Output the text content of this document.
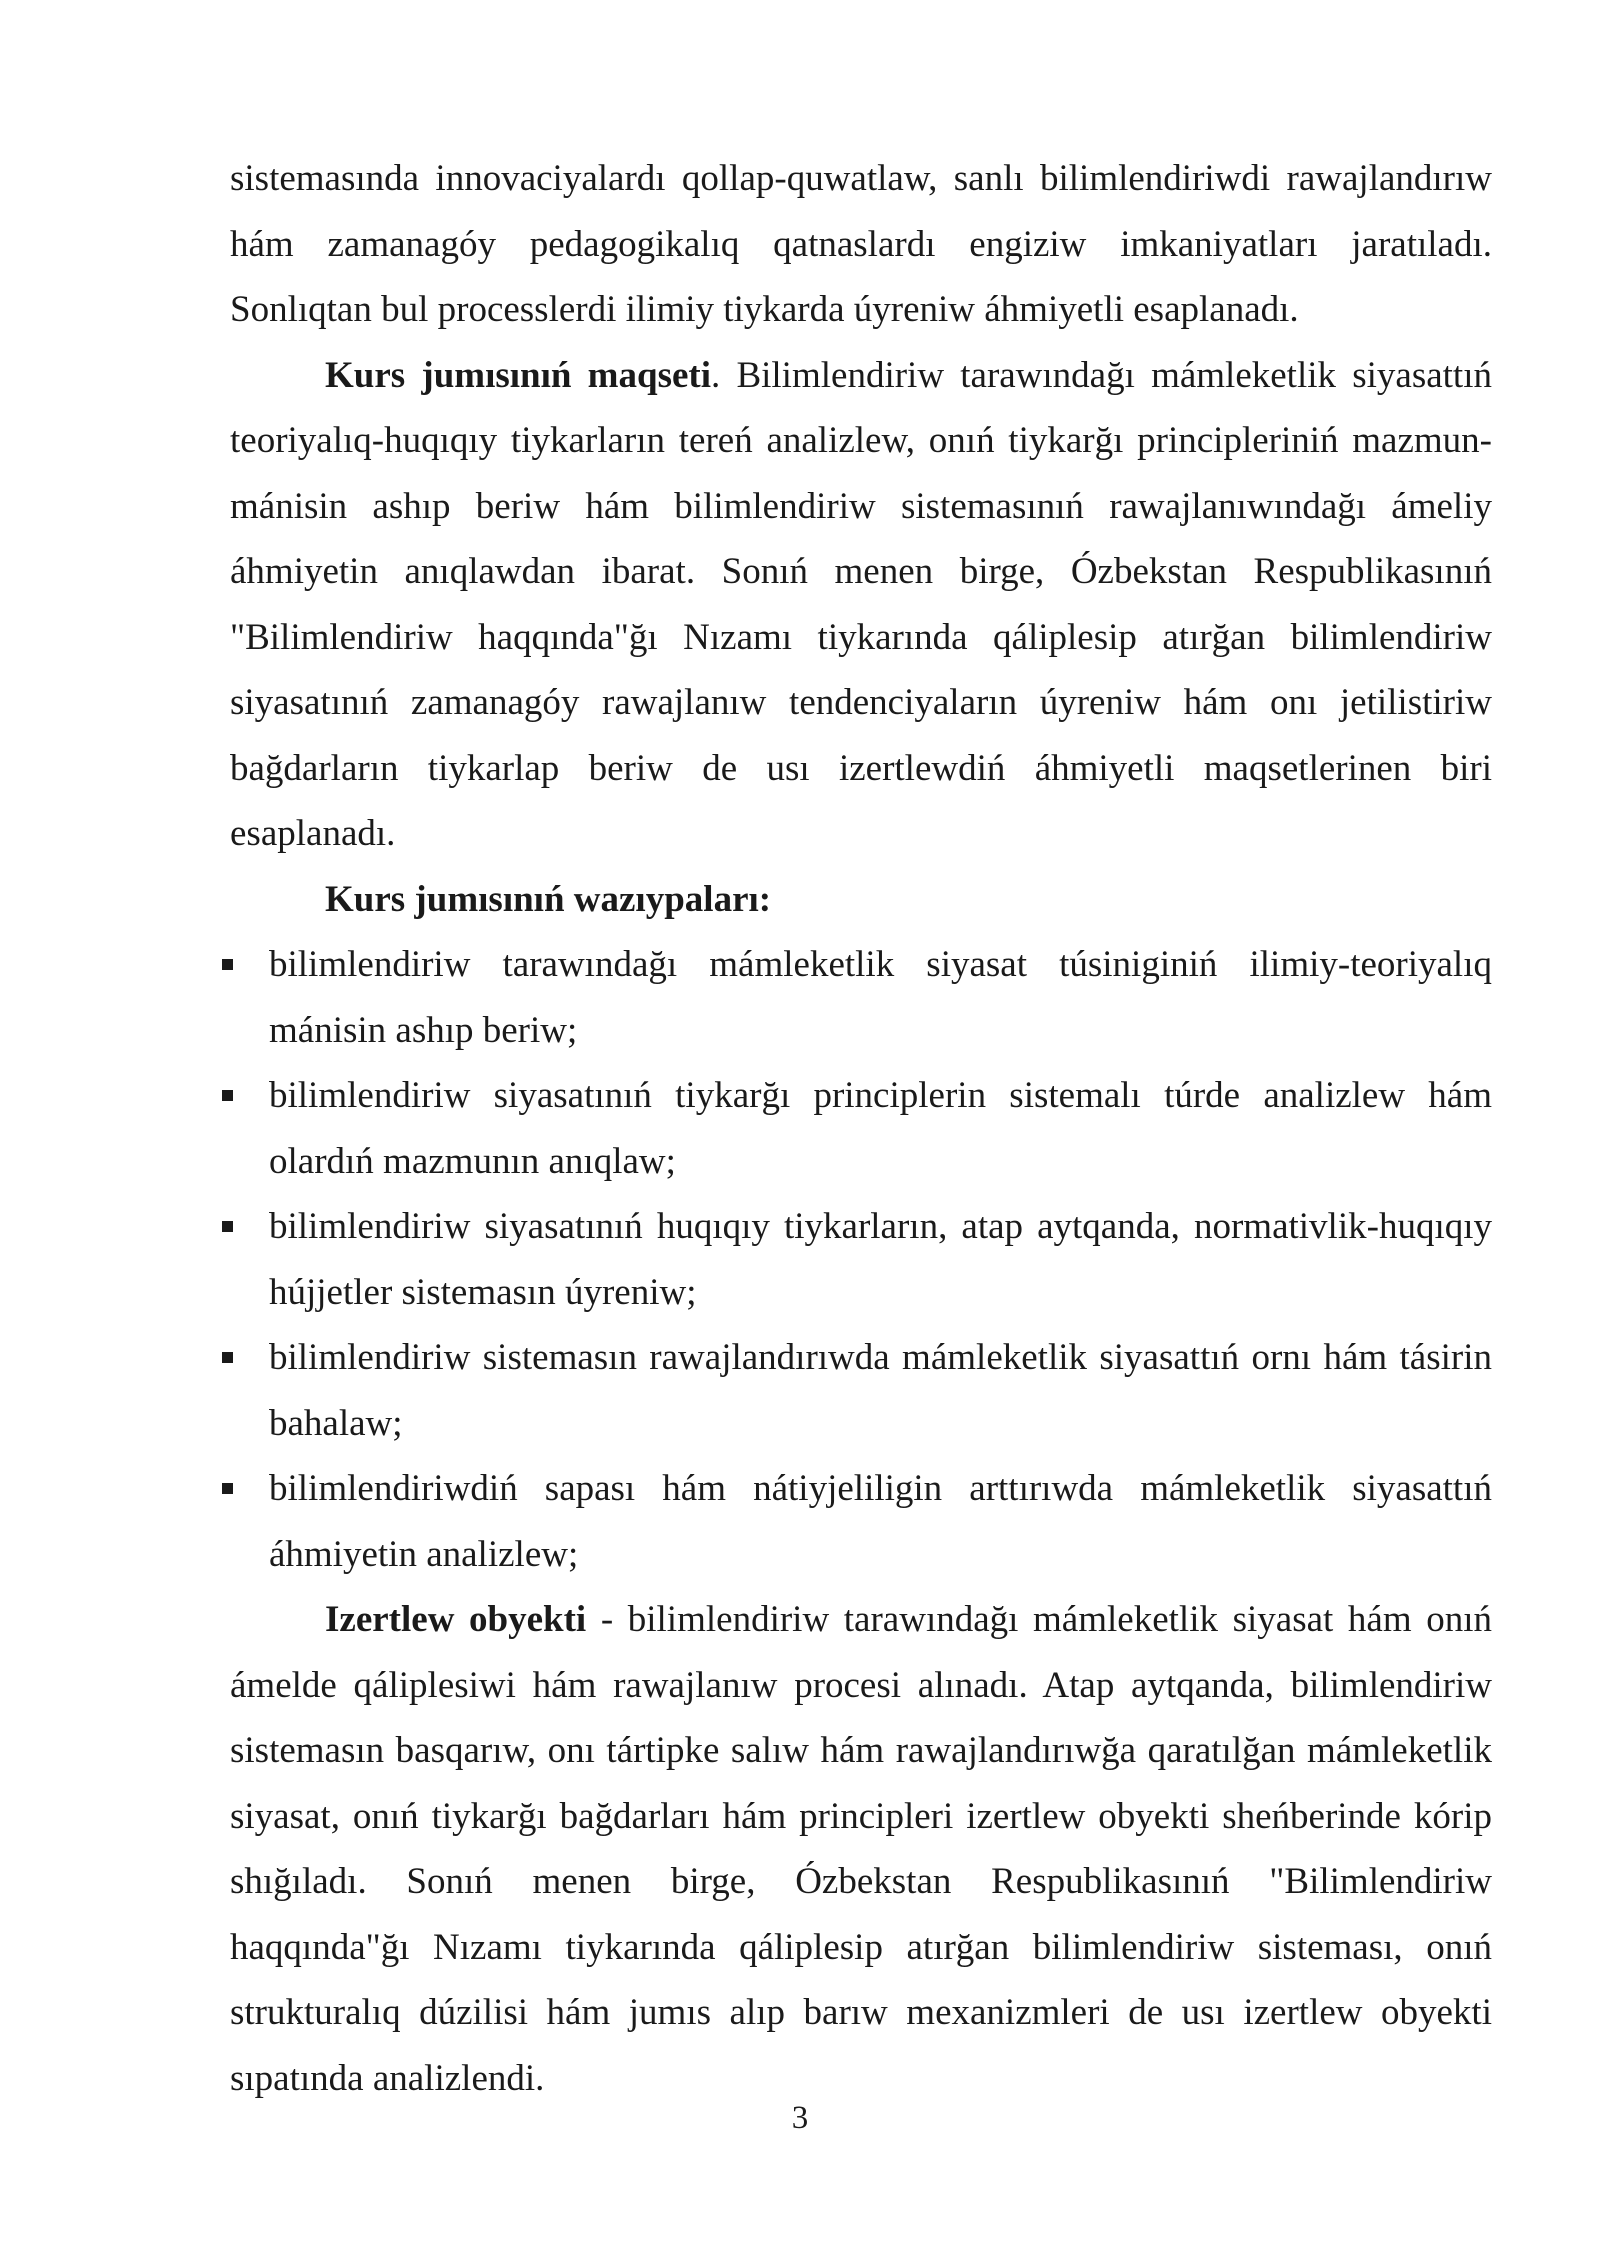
sistemasında innovaciyalardı qollap-quwatlaw, sanlı bilimlendiriwdi rawajlandırıw hám zamanagóy pedagogikalıq qatnaslardı engiziw imkaniyatları jaratıladı. Sonlıqtan bul processlerdi ilimiy tiykarda úyreniw áhmiyetli esaplanadı.

Kurs jumısınıń maqseti. Bilimlendiriw tarawındağı mámleketlik siyasattıń teoriyalıq-huqıqıy tiykarların tereń analizlew, onıń tiykarğı principleriniń mazmun-mánisin ashıp beriw hám bilimlendiriw sistemasınıń rawajlanıwındağı ámeliy áhmiyetin anıqlawdan ibarat. Sonıń menen birge, Ózbekstan Respublikasınıń "Bilimlendiriw haqqında"ğı Nızamı tiykarında qáliplesip atırğan bilimlendiriw siyasatınıń zamanagóy rawajlanıw tendenciyaların úyreniw hám onı jetilistiriw bağdarların tiykarlap beriw de usı izertlewdiń áhmiyetli maqsetlerinen biri esaplanadı.

Kurs jumısınıń wazıypaları:

bilimlendiriw tarawındağı mámleketlik siyasat túsiniginiń ilimiy-teoriyalıq mánisin ashıp beriw;
bilimlendiriw siyasatınıń tiykarğı principlerin sistemalı túrde analizlew hám olardıń mazmunın anıqlaw;
bilimlendiriw siyasatınıń huqıqıy tiykarların, atap aytqanda, normativlik-huqıqıy hújjetler sistemasın úyreniw;
bilimlendiriw sistemasın rawajlandırıwda mámleketlik siyasattıń ornı hám tásirin bahalaw;
bilimlendiriwdiń sapası hám nátiyjeliligin arttırıwda mámleketlik siyasattıń áhmiyetin analizlew;

Izertlew obyekti - bilimlendiriw tarawındağı mámleketlik siyasat hám onıń ámelde qáliplesiwi hám rawajlanıw procesi alınadı. Atap aytqanda, bilimlendiriw sistemasın basqarıw, onı tártipke salıw hám rawajlandırıwğa qaratılğan mámleketlik siyasat, onıń tiykarğı bağdarları hám principleri izertlew obyekti sheńberinde kórip shığıladı. Sonıń menen birge, Ózbekstan Respublikasınıń "Bilimlendiriw haqqında"ğı Nızamı tiykarında qáliplesip atırğan bilimlendiriw sisteması, onıń strukturalıq dúzilisi hám jumıs alıp barıw mexanizmleri de usı izertlew obyekti sıpatında analizlendi.

3
